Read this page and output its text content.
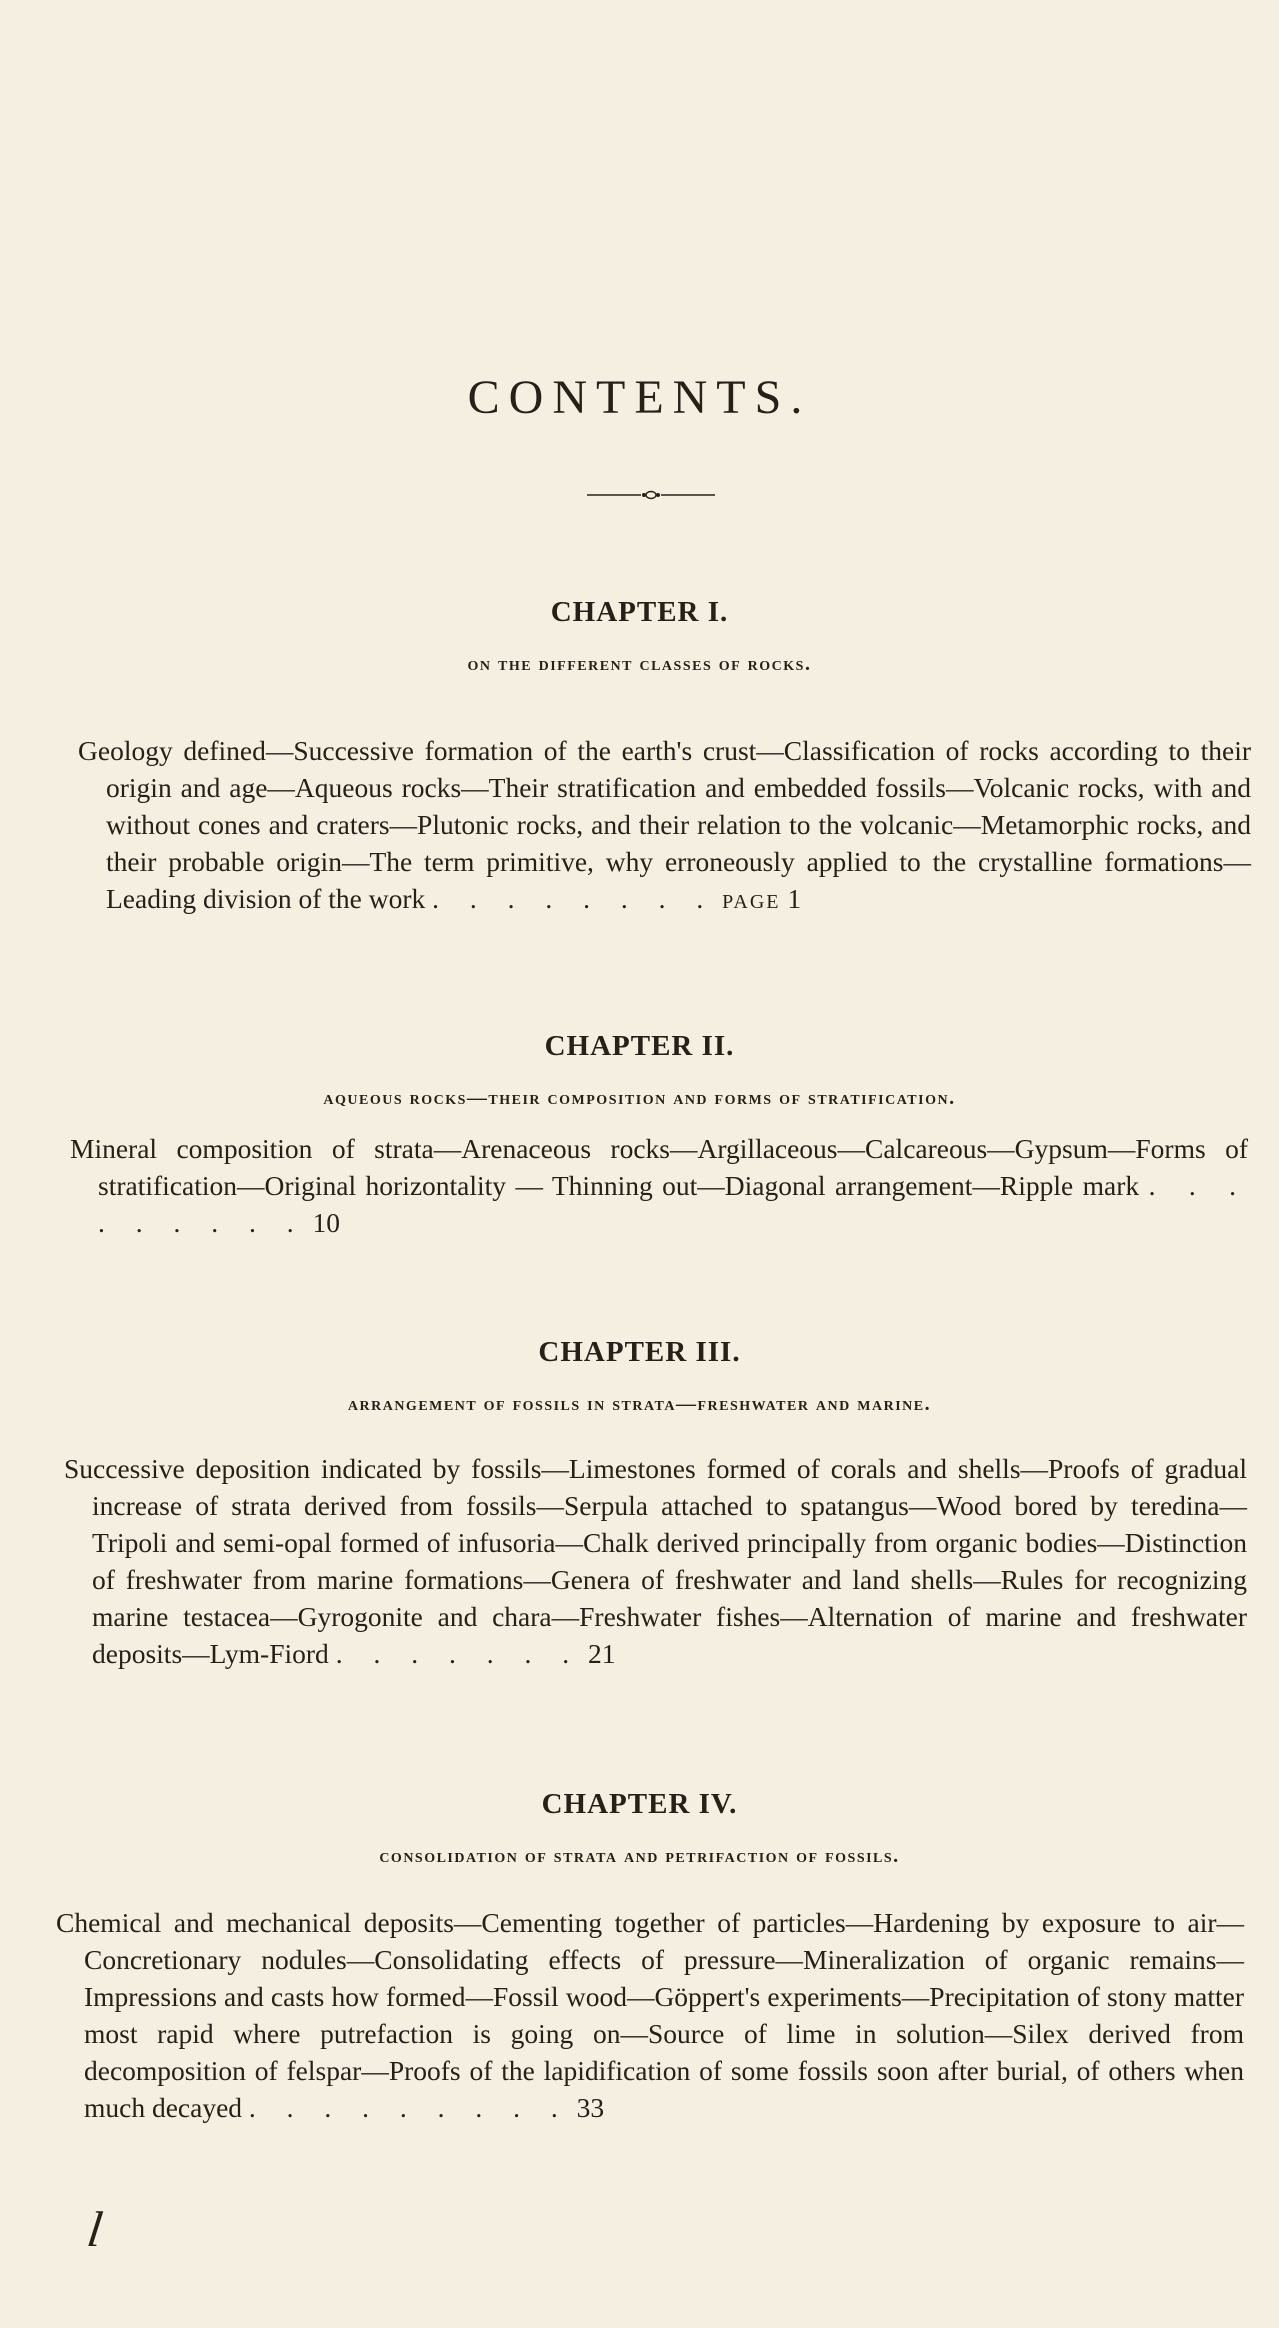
CONTENTS.
CHAPTER I.
on the different classes of rocks.

Geology defined—Successive formation of the earth's crust—Classification of rocks according to their origin and age—Aqueous rocks—Their stratification and embedded fossils—Volcanic rocks, with and without cones and craters—Plutonic rocks, and their relation to the volcanic—Metamorphic rocks, and their probable origin—The term primitive, why erroneously applied to the crystalline formations—Leading division of the work . . . . . . . . PAGE 1

CHAPTER II.
aqueous rocks—their composition and forms of stratification.

Mineral composition of strata—Arenaceous rocks—Argillaceous—Calcareous—Gypsum—Forms of stratification—Original horizontality — Thinning out—Diagonal arrangement—Ripple mark . . . . . . . . . 10

CHAPTER III.
arrangement of fossils in strata—freshwater and marine.

Successive deposition indicated by fossils—Limestones formed of corals and shells—Proofs of gradual increase of strata derived from fossils—Serpula attached to spatangus—Wood bored by teredina—Tripoli and semi-opal formed of infusoria—Chalk derived principally from organic bodies—Distinction of freshwater from marine formations—Genera of freshwater and land shells—Rules for recognizing marine testacea—Gyrogonite and chara—Freshwater fishes—Alternation of marine and freshwater deposits—Lym-Fiord . . . . . . . 21

CHAPTER IV.
consolidation of strata and petrifaction of fossils.

Chemical and mechanical deposits—Cementing together of particles—Hardening by exposure to air—Concretionary nodules—Consolidating effects of pressure—Mineralization of organic remains—Impressions and casts how formed—Fossil wood—Göppert's experiments—Precipitation of stony matter most rapid where putrefaction is going on—Source of lime in solution—Silex derived from decomposition of felspar—Proofs of the lapidification of some fossils soon after burial, of others when much decayed . . . . . . . . . 33

l
